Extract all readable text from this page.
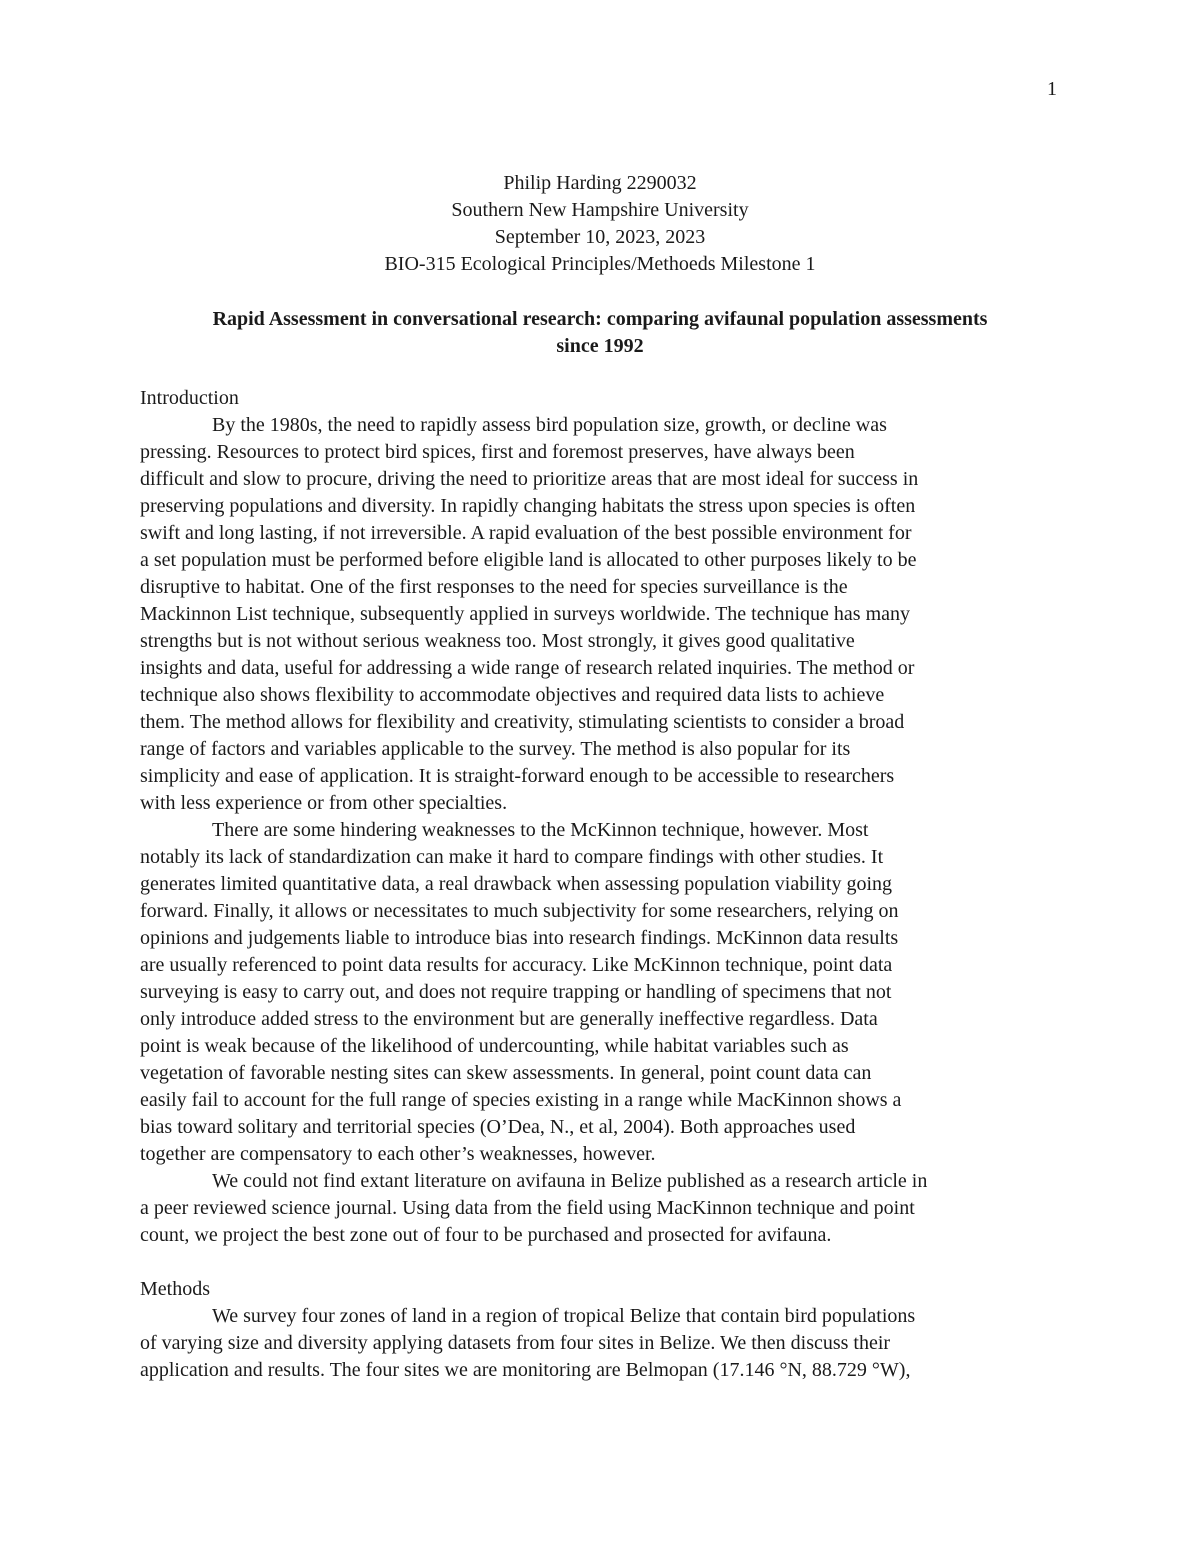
1
Philip Harding 2290032
Southern New Hampshire University
September 10, 2023, 2023
BIO-315 Ecological Principles/Methoeds Milestone 1
Rapid Assessment in conversational research: comparing avifaunal population assessments
since 1992
Introduction
By the 1980s, the need to rapidly assess bird population size, growth, or decline was
pressing. Resources to protect bird spices, first and foremost preserves, have always been
difficult and slow to procure, driving the need to prioritize areas that are most ideal for success in
preserving populations and diversity. In rapidly changing habitats the stress upon species is often
swift and long lasting, if not irreversible. A rapid evaluation of the best possible environment for
a set population must be performed before eligible land is allocated to other purposes likely to be
disruptive to habitat. One of the first responses to the need for species surveillance is the
Mackinnon List technique, subsequently applied in surveys worldwide. The technique has many
strengths but is not without serious weakness too. Most strongly, it gives good qualitative
insights and data, useful for addressing a wide range of research related inquiries. The method or
technique also shows flexibility to accommodate objectives and required data lists to achieve
them. The method allows for flexibility and creativity, stimulating scientists to consider a broad
range of factors and variables applicable to the survey. The method is also popular for its
simplicity and ease of application. It is straight-forward enough to be accessible to researchers
with less experience or from other specialties.
There are some hindering weaknesses to the McKinnon technique, however. Most
notably its lack of standardization can make it hard to compare findings with other studies. It
generates limited quantitative data, a real drawback when assessing population viability going
forward. Finally, it allows or necessitates to much subjectivity for some researchers, relying on
opinions and judgements liable to introduce bias into research findings. McKinnon data results
are usually referenced to point data results for accuracy. Like McKinnon technique, point data
surveying is easy to carry out, and does not require trapping or handling of specimens that not
only introduce added stress to the environment but are generally ineffective regardless. Data
point is weak because of the likelihood of undercounting, while habitat variables such as
vegetation of favorable nesting sites can skew assessments. In general, point count data can
easily fail to account for the full range of species existing in a range while MacKinnon shows a
bias toward solitary and territorial species (O’Dea, N., et al, 2004). Both approaches used
together are compensatory to each other’s weaknesses, however.
We could not find extant literature on avifauna in Belize published as a research article in
a peer reviewed science journal. Using data from the field using MacKinnon technique and point
count, we project the best zone out of four to be purchased and prosected for avifauna.
Methods
We survey four zones of land in a region of tropical Belize that contain bird populations
of varying size and diversity applying datasets from four sites in Belize. We then discuss their
application and results. The four sites we are monitoring are Belmopan (17.146 °N, 88.729 °W),
